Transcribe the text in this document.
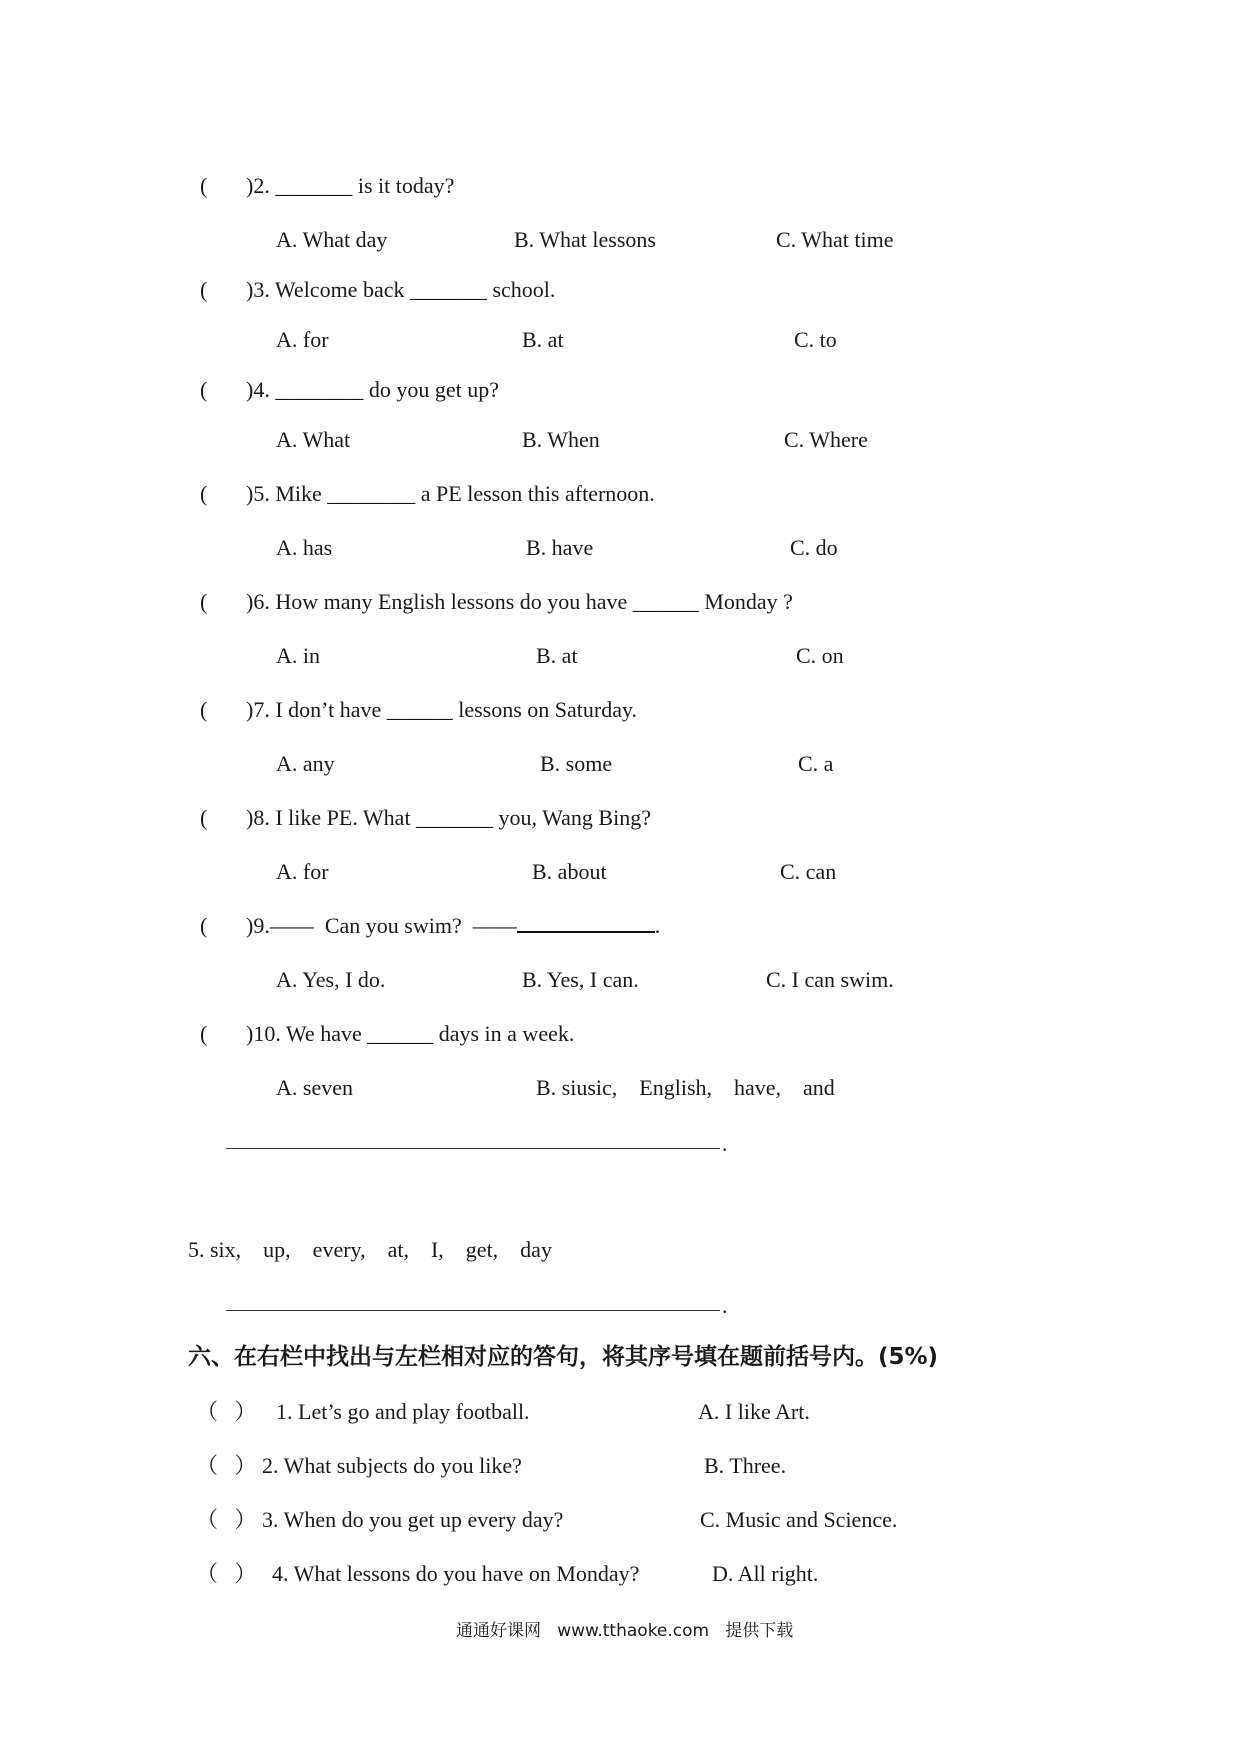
( )2. _______ is it today?
A. What day	B. What lessons	C. What time
( )3. Welcome back _______ school.
A. for	B. at	C. to
( )4. ________ do you get up?
A. What	B. When	C. Where
( )5. Mike ________ a PE lesson this afternoon.
A. has	B. have	C. do
( )6. How many English lessons do you have ______ Monday ?
A. in	B. at	C. on
( )7. I don’t have ______ lessons on Saturday.
A. any	B. some	C. a
( )8. I like PE. What _______ you, Wang Bing?
A. for	B. about	C. can
( )9.——  Can you swim?  ——	.
A. Yes, I do.	B. Yes, I can.	C. I can swim.
( )10. We have ______ days in a week.
A. seven	B. siusic,    English,    have,    and
.
5. six,    up,    every,    at,    I,    get,    day
.
六、在右栏中找出与左栏相对应的答句，将其序号填在题前括号内。(5%)
（   ） 1. Let’s go and play football.	A. I like Art.
（   ） 2. What subjects do you like?	B. Three.
（   ） 3. When do you get up every day?	C. Music and Science.
（   ） 4. What lessons do you have on Monday?	D. All right.
通通好课网   www.tthaoke.com   提供下载
